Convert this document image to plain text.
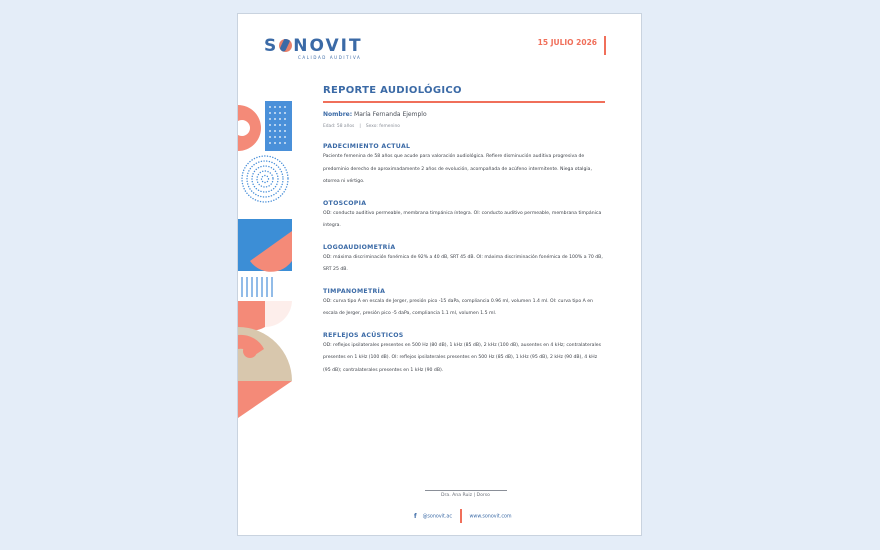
S NOVIT
CALIDAD AUDITIVA
15 JULIO 2026
REPORTE AUDIOLÓGICO
Nombre: María Fernanda Ejemplo
Edad: 58 años | Sexo: femenino
PADECIMIENTO ACTUAL

Paciente femenina de 58 años que acude para valoración audiológica. Refiere disminución auditiva progresiva de predominio derecho de aproximadamente 2 años de evolución, acompañada de acúfeno intermitente. Niega otalgia, otorrea ni vértigo.

OTOSCOPIA

OD: conducto auditivo permeable, membrana timpánica íntegra. OI: conducto auditivo permeable, membrana timpánica íntegra.

LOGOAUDIOMETRÍA

OD: máxima discriminación fonémica de 92% a 40 dB, SRT 45 dB. OI: máxima discriminación fonémica de 100% a 70 dB, SRT 25 dB.

TIMPANOMETRÍA

OD: curva tipo A en escala de Jerger, presión pico -15 daPa, compliancia 0.96 ml, volumen 1.4 ml. OI: curva tipo A en escala de Jerger, presión pico -5 daPa, compliancia 1.1 ml, volumen 1.5 ml.

REFLEJOS ACÚSTICOS

OD: reflejos ipsilaterales presentes en 500 Hz (80 dB), 1 kHz (85 dB), 2 kHz (100 dB), ausentes en 4 kHz; contralaterales presentes en 1 kHz (100 dB). OI: reflejos ipsilaterales presentes en 500 Hz (85 dB), 1 kHz (95 dB), 2 kHz (90 dB), 4 kHz (95 dB); contralaterales presentes en 1 kHz (90 dB).

Dra. Ana Ruiz | Dorso
f @sonovit.ac	www.sonovit.com
